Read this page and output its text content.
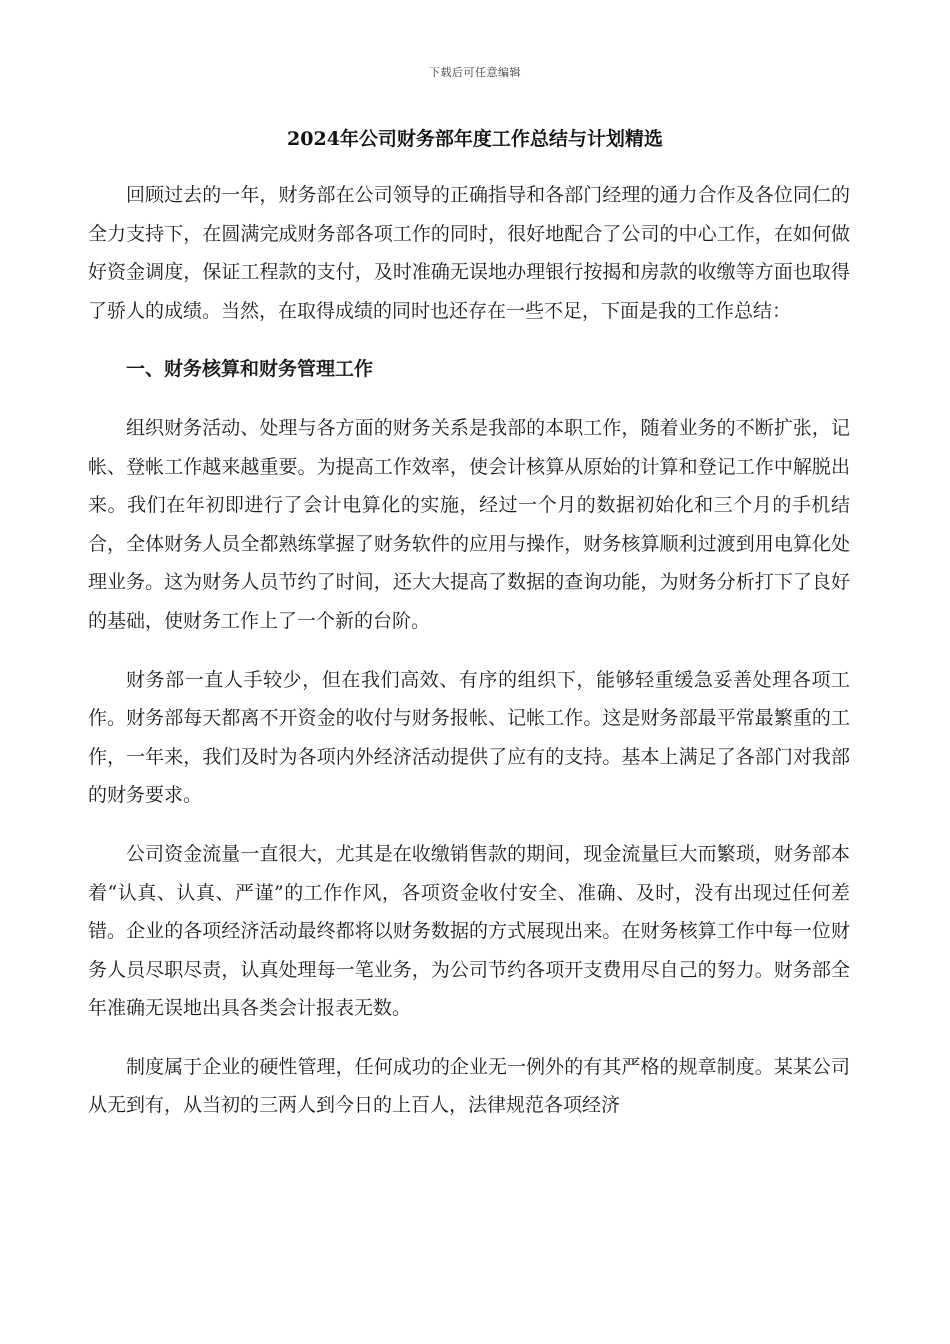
下载后可任意编辑
2024年公司财务部年度工作总结与计划精选

回顾过去的一年，财务部在公司领导的正确指导和各部门经理的通力合作及各位同仁的全力支持下，在圆满完成财务部各项工作的同时，很好地配合了公司的中心工作，在如何做好资金调度，保证工程款的支付，及时准确无误地办理银行按揭和房款的收缴等方面也取得了骄人的成绩。当然，在取得成绩的同时也还存在一些不足，下面是我的工作总结：

一、财务核算和财务管理工作

组织财务活动、处理与各方面的财务关系是我部的本职工作，随着业务的不断扩张，记帐、登帐工作越来越重要。为提高工作效率，使会计核算从原始的计算和登记工作中解脱出来。我们在年初即进行了会计电算化的实施，经过一个月的数据初始化和三个月的手机结合，全体财务人员全都熟练掌握了财务软件的应用与操作，财务核算顺利过渡到用电算化处理业务。这为财务人员节约了时间，还大大提高了数据的查询功能，为财务分析打下了良好的基础，使财务工作上了一个新的台阶。

财务部一直人手较少，但在我们高效、有序的组织下，能够轻重缓急妥善处理各项工作。财务部每天都离不开资金的收付与财务报帐、记帐工作。这是财务部最平常最繁重的工作，一年来，我们及时为各项内外经济活动提供了应有的支持。基本上满足了各部门对我部的财务要求。

公司资金流量一直很大，尤其是在收缴销售款的期间，现金流量巨大而繁琐，财务部本着“认真、认真、严谨”的工作作风，各项资金收付安全、准确、及时，没有出现过任何差错。企业的各项经济活动最终都将以财务数据的方式展现出来。在财务核算工作中每一位财务人员尽职尽责，认真处理每一笔业务，为公司节约各项开支费用尽自己的努力。财务部全年准确无误地出具各类会计报表无数。

制度属于企业的硬性管理，任何成功的企业无一例外的有其严格的规章制度。某某公司从无到有，从当初的三两人到今日的上百人，法律规范各项经济
